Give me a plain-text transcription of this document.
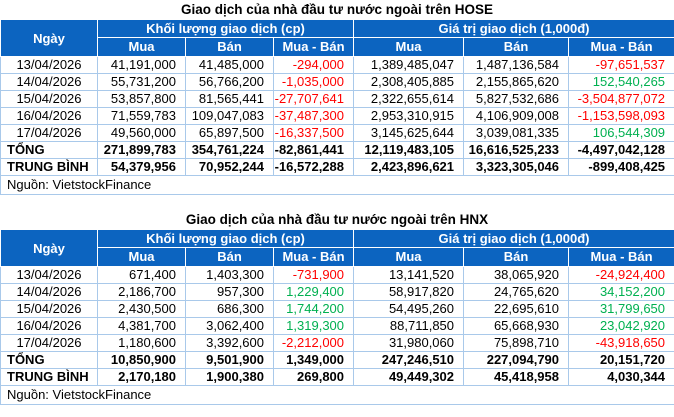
Giao dịch của nhà đầu tư nước ngoài trên HOSE
Ngày	Khối lượng giao dịch (cp)			Giá trị giao dịch (1,000đ)		
	Mua	Bán	Mua - Bán	Mua	Bán	Mua - Bán
13/04/2026	41,191,000	41,485,000	-294,000	1,389,485,047	1,487,136,584	-97,651,537
14/04/2026	55,731,200	56,766,200	-1,035,000	2,308,405,885	2,155,865,620	152,540,265
15/04/2026	53,857,800	81,565,441	-27,707,641	2,322,655,614	5,827,532,686	-3,504,877,072
16/04/2026	71,559,783	109,047,083	-37,487,300	2,953,310,915	4,106,909,008	-1,153,598,093
17/04/2026	49,560,000	65,897,500	-16,337,500	3,145,625,644	3,039,081,335	106,544,309
TỔNG	271,899,783	354,761,224	-82,861,441	12,119,483,105	16,616,525,233	-4,497,042,128
TRUNG BÌNH	54,379,956	70,952,244	-16,572,288	2,423,896,621	3,323,305,046	-899,408,425
Nguồn: VietstockFinance						
Giao dịch của nhà đầu tư nước ngoài trên HNX
Ngày	Khối lượng giao dịch (cp)			Giá trị giao dịch (1,000đ)		
	Mua	Bán	Mua - Bán	Mua	Bán	Mua - Bán
13/04/2026	671,400	1,403,300	-731,900	13,141,520	38,065,920	-24,924,400
14/04/2026	2,186,700	957,300	1,229,400	58,917,820	24,765,620	34,152,200
15/04/2026	2,430,500	686,300	1,744,200	54,495,260	22,695,610	31,799,650
16/04/2026	4,381,700	3,062,400	1,319,300	88,711,850	65,668,930	23,042,920
17/04/2026	1,180,600	3,392,600	-2,212,000	31,980,060	75,898,710	-43,918,650
TỔNG	10,850,900	9,501,900	1,349,000	247,246,510	227,094,790	20,151,720
TRUNG BÌNH	2,170,180	1,900,380	269,800	49,449,302	45,418,958	4,030,344
Nguồn: VietstockFinance						
